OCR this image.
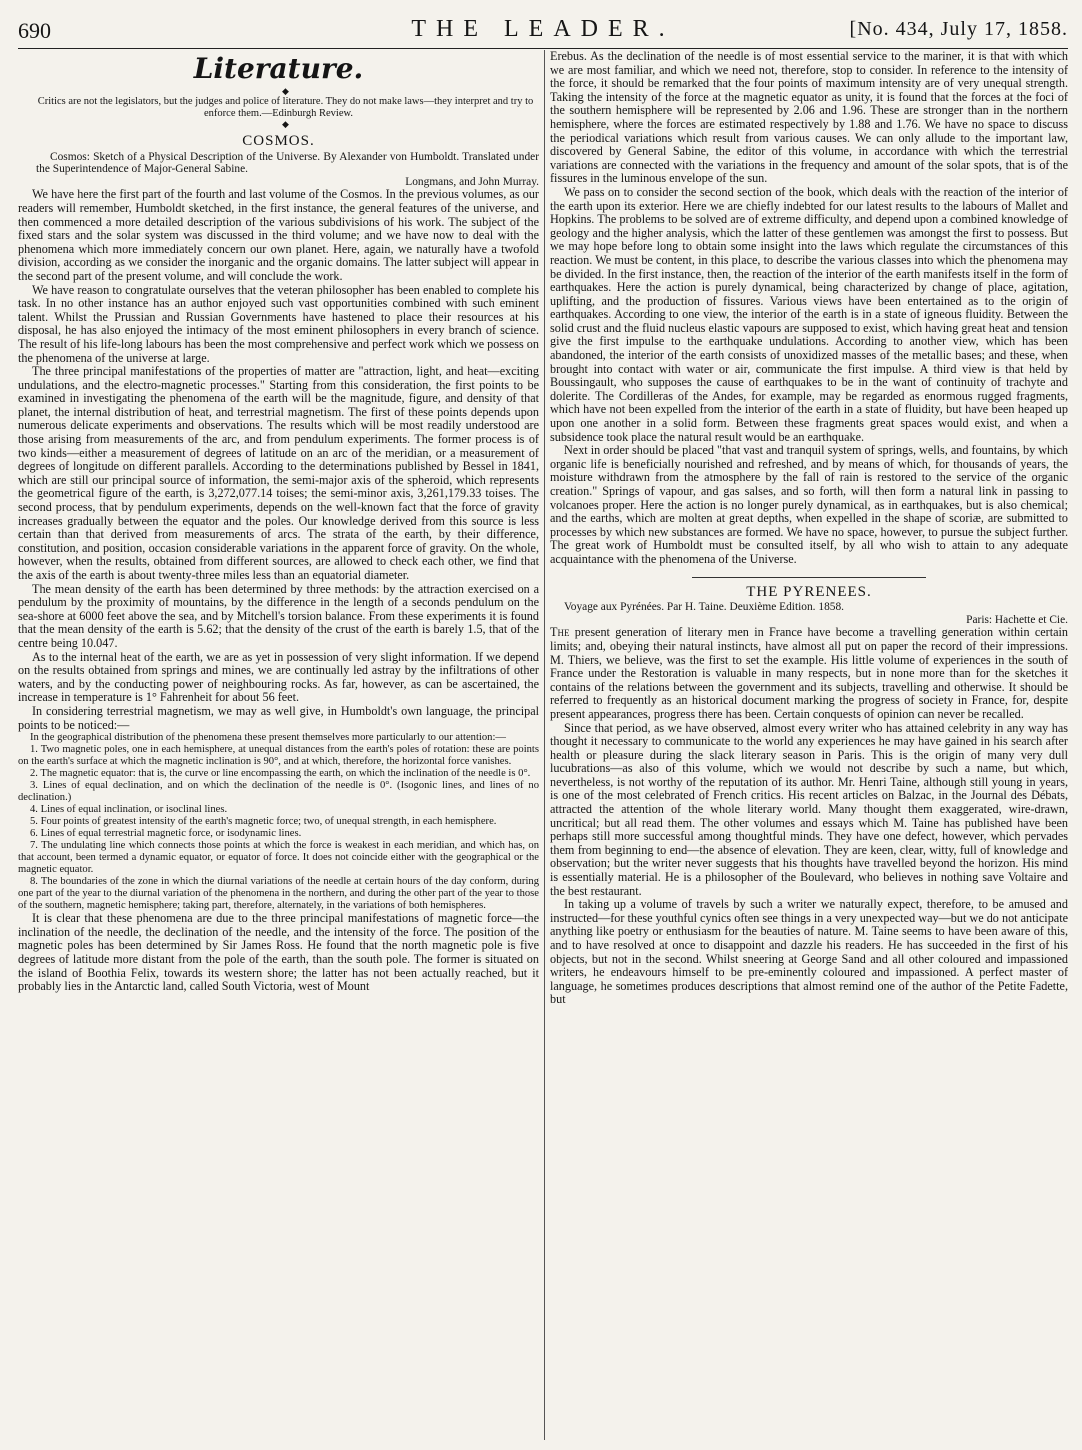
690	THE LEADER.	[No. 434, July 17, 1858.
Literature.

◆

Critics are not the legislators, but the judges and police of literature. They do not make laws—they interpret and try to enforce them.—Edinburgh Review.

◆

COSMOS.

Cosmos: Sketch of a Physical Description of the Universe. By Alexander von Humboldt. Translated under the Superintendence of Major-General Sabine.

Longmans, and John Murray.

We have here the first part of the fourth and last volume of the Cosmos. In the previous volumes, as our readers will remember, Humboldt sketched, in the first instance, the general features of the universe, and then commenced a more detailed description of the various subdivisions of his work. The subject of the fixed stars and the solar system was discussed in the third volume; and we have now to deal with the phenomena which more immediately concern our own planet. Here, again, we naturally have a twofold division, according as we consider the inorganic and the organic domains. The latter subject will appear in the second part of the present volume, and will conclude the work.

We have reason to congratulate ourselves that the veteran philosopher has been enabled to complete his task. In no other instance has an author enjoyed such vast opportunities combined with such eminent talent. Whilst the Prussian and Russian Governments have hastened to place their resources at his disposal, he has also enjoyed the intimacy of the most eminent philosophers in every branch of science. The result of his life-long labours has been the most comprehensive and perfect work which we possess on the phenomena of the universe at large.

The three principal manifestations of the properties of matter are "attraction, light, and heat—exciting undulations, and the electro-magnetic processes." Starting from this consideration, the first points to be examined in investigating the phenomena of the earth will be the magnitude, figure, and density of that planet, the internal distribution of heat, and terrestrial magnetism. The first of these points depends upon numerous delicate experiments and observations. The results which will be most readily understood are those arising from measurements of the arc, and from pendulum experiments. The former process is of two kinds—either a measurement of degrees of latitude on an arc of the meridian, or a measurement of degrees of longitude on different parallels. According to the determinations published by Bessel in 1841, which are still our principal source of information, the semi-major axis of the spheroid, which represents the geometrical figure of the earth, is 3,272,077.14 toises; the semi-minor axis, 3,261,179.33 toises. The second process, that by pendulum experiments, depends on the well-known fact that the force of gravity increases gradually between the equator and the poles. Our knowledge derived from this source is less certain than that derived from measurements of arcs. The strata of the earth, by their difference, constitution, and position, occasion considerable variations in the apparent force of gravity. On the whole, however, when the results, obtained from different sources, are allowed to check each other, we find that the axis of the earth is about twenty-three miles less than an equatorial diameter.

The mean density of the earth has been determined by three methods: by the attraction exercised on a pendulum by the proximity of mountains, by the difference in the length of a seconds pendulum on the sea-shore at 6000 feet above the sea, and by Mitchell's torsion balance. From these experiments it is found that the mean density of the earth is 5.62; that the density of the crust of the earth is barely 1.5, that of the centre being 10.047.

As to the internal heat of the earth, we are as yet in possession of very slight information. If we depend on the results obtained from springs and mines, we are continually led astray by the infiltrations of other waters, and by the conducting power of neighbouring rocks. As far, however, as can be ascertained, the increase in temperature is 1° Fahrenheit for about 56 feet.

In considering terrestrial magnetism, we may as well give, in Humboldt's own language, the principal points to be noticed:—

In the geographical distribution of the phenomena these present themselves more particularly to our attention:—

1. Two magnetic poles, one in each hemisphere, at unequal distances from the earth's poles of rotation: these are points on the earth's surface at which the magnetic inclination is 90°, and at which, therefore, the horizontal force vanishes.

2. The magnetic equator: that is, the curve or line encompassing the earth, on which the inclination of the needle is 0°.

3. Lines of equal declination, and on which the declination of the needle is 0°. (Isogonic lines, and lines of no declination.)

4. Lines of equal inclination, or isoclinal lines.

5. Four points of greatest intensity of the earth's magnetic force; two, of unequal strength, in each hemisphere.

6. Lines of equal terrestrial magnetic force, or isodynamic lines.

7. The undulating line which connects those points at which the force is weakest in each meridian, and which has, on that account, been termed a dynamic equator, or equator of force. It does not coincide either with the geographical or the magnetic equator.

8. The boundaries of the zone in which the diurnal variations of the needle at certain hours of the day conform, during one part of the year to the diurnal variation of the phenomena in the northern, and during the other part of the year to those of the southern, magnetic hemisphere; taking part, therefore, alternately, in the variations of both hemispheres.

It is clear that these phenomena are due to the three principal manifestations of magnetic force—the inclination of the needle, the declination of the needle, and the intensity of the force. The position of the magnetic poles has been determined by Sir James Ross. He found that the north magnetic pole is five degrees of latitude more distant from the pole of the earth, than the south pole. The former is situated on the island of Boothia Felix, towards its western shore; the latter has not been actually reached, but it probably lies in the Antarctic land, called South Victoria, west of Mount

Erebus. As the declination of the needle is of most essential service to the mariner, it is that with which we are most familiar, and which we need not, therefore, stop to consider. In reference to the intensity of the force, it should be remarked that the four points of maximum intensity are of very unequal strength. Taking the intensity of the force at the magnetic equator as unity, it is found that the forces at the foci of the southern hemisphere will be represented by 2.06 and 1.96. These are stronger than in the northern hemisphere, where the forces are estimated respectively by 1.88 and 1.76. We have no space to discuss the periodical variations which result from various causes. We can only allude to the important law, discovered by General Sabine, the editor of this volume, in accordance with which the terrestrial variations are connected with the variations in the frequency and amount of the solar spots, that is of the fissures in the luminous envelope of the sun.

We pass on to consider the second section of the book, which deals with the reaction of the interior of the earth upon its exterior. Here we are chiefly indebted for our latest results to the labours of Mallet and Hopkins. The problems to be solved are of extreme difficulty, and depend upon a combined knowledge of geology and the higher analysis, which the latter of these gentlemen was amongst the first to possess. But we may hope before long to obtain some insight into the laws which regulate the circumstances of this reaction. We must be content, in this place, to describe the various classes into which the phenomena may be divided. In the first instance, then, the reaction of the interior of the earth manifests itself in the form of earthquakes. Here the action is purely dynamical, being characterized by change of place, agitation, uplifting, and the production of fissures. Various views have been entertained as to the origin of earthquakes. According to one view, the interior of the earth is in a state of igneous fluidity. Between the solid crust and the fluid nucleus elastic vapours are supposed to exist, which having great heat and tension give the first impulse to the earthquake undulations. According to another view, which has been abandoned, the interior of the earth consists of unoxidized masses of the metallic bases; and these, when brought into contact with water or air, communicate the first impulse. A third view is that held by Boussingault, who supposes the cause of earthquakes to be in the want of continuity of trachyte and dolerite. The Cordilleras of the Andes, for example, may be regarded as enormous rugged fragments, which have not been expelled from the interior of the earth in a state of fluidity, but have been heaped up upon one another in a solid form. Between these fragments great spaces would exist, and when a subsidence took place the natural result would be an earthquake.

Next in order should be placed "that vast and tranquil system of springs, wells, and fountains, by which organic life is beneficially nourished and refreshed, and by means of which, for thousands of years, the moisture withdrawn from the atmosphere by the fall of rain is restored to the service of the organic creation." Springs of vapour, and gas salses, and so forth, will then form a natural link in passing to volcanoes proper. Here the action is no longer purely dynamical, as in earthquakes, but is also chemical; and the earths, which are molten at great depths, when expelled in the shape of scoriæ, are submitted to processes by which new substances are formed. We have no space, however, to pursue the subject further. The great work of Humboldt must be consulted itself, by all who wish to attain to any adequate acquaintance with the phenomena of the Universe.

THE PYRENEES.

Voyage aux Pyrénées. Par H. Taine. Deuxième Edition. 1858.

Paris: Hachette et Cie.

The present generation of literary men in France have become a travelling generation within certain limits; and, obeying their natural instincts, have almost all put on paper the record of their impressions. M. Thiers, we believe, was the first to set the example. His little volume of experiences in the south of France under the Restoration is valuable in many respects, but in none more than for the sketches it contains of the relations between the government and its subjects, travelling and otherwise. It should be referred to frequently as an historical document marking the progress of society in France, for, despite present appearances, progress there has been. Certain conquests of opinion can never be recalled.

Since that period, as we have observed, almost every writer who has attained celebrity in any way has thought it necessary to communicate to the world any experiences he may have gained in his search after health or pleasure during the slack literary season in Paris. This is the origin of many very dull lucubrations—as also of this volume, which we would not describe by such a name, but which, nevertheless, is not worthy of the reputation of its author. Mr. Henri Taine, although still young in years, is one of the most celebrated of French critics. His recent articles on Balzac, in the Journal des Débats, attracted the attention of the whole literary world. Many thought them exaggerated, wire-drawn, uncritical; but all read them. The other volumes and essays which M. Taine has published have been perhaps still more successful among thoughtful minds. They have one defect, however, which pervades them from beginning to end—the absence of elevation. They are keen, clear, witty, full of knowledge and observation; but the writer never suggests that his thoughts have travelled beyond the horizon. His mind is essentially material. He is a philosopher of the Boulevard, who believes in nothing save Voltaire and the best restaurant.

In taking up a volume of travels by such a writer we naturally expect, therefore, to be amused and instructed—for these youthful cynics often see things in a very unexpected way—but we do not anticipate anything like poetry or enthusiasm for the beauties of nature. M. Taine seems to have been aware of this, and to have resolved at once to disappoint and dazzle his readers. He has succeeded in the first of his objects, but not in the second. Whilst sneering at George Sand and all other coloured and impassioned writers, he endeavours himself to be pre-eminently coloured and impassioned. A perfect master of language, he sometimes produces descriptions that almost remind one of the author of the Petite Fadette, but
